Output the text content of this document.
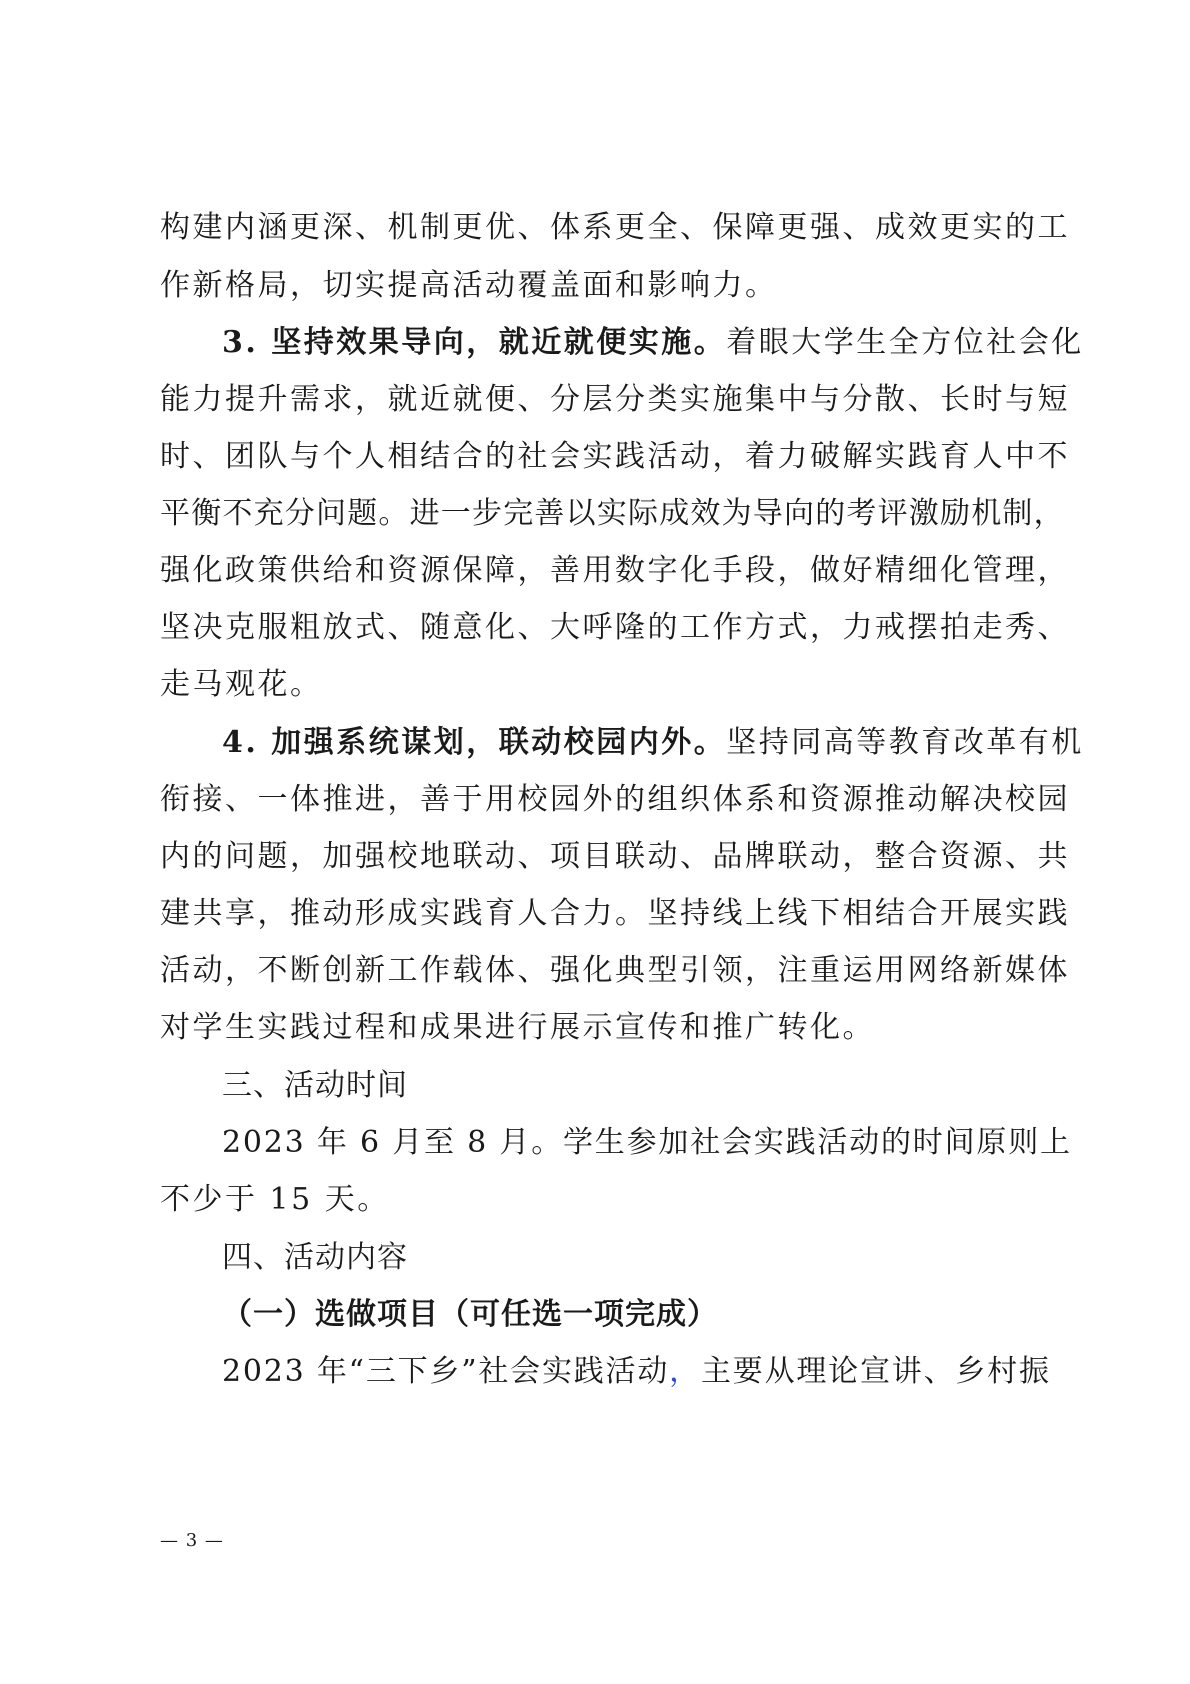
构建内涵更深、机制更优、体系更全、保障更强、成效更实的工
作新格局，切实提高活动覆盖面和影响力。
3. 坚持效果导向，就近就便实施。着眼大学生全方位社会化
能力提升需求，就近就便、分层分类实施集中与分散、长时与短
时、团队与个人相结合的社会实践活动，着力破解实践育人中不
平衡不充分问题。进一步完善以实际成效为导向的考评激励机制，
强化政策供给和资源保障，善用数字化手段，做好精细化管理，
坚决克服粗放式、随意化、大呼隆的工作方式，力戒摆拍走秀、
走马观花。
4. 加强系统谋划，联动校园内外。坚持同高等教育改革有机
衔接、一体推进，善于用校园外的组织体系和资源推动解决校园
内的问题，加强校地联动、项目联动、品牌联动，整合资源、共
建共享，推动形成实践育人合力。坚持线上线下相结合开展实践
活动，不断创新工作载体、强化典型引领，注重运用网络新媒体
对学生实践过程和成果进行展示宣传和推广转化。
三、活动时间
2023 年 6 月至 8 月。学生参加社会实践活动的时间原则上
不少于 15 天。
四、活动内容
（一）选做项目（可任选一项完成）
2023 年“三下乡”社会实践活动，主要从理论宣讲、乡村振
— 3 —
